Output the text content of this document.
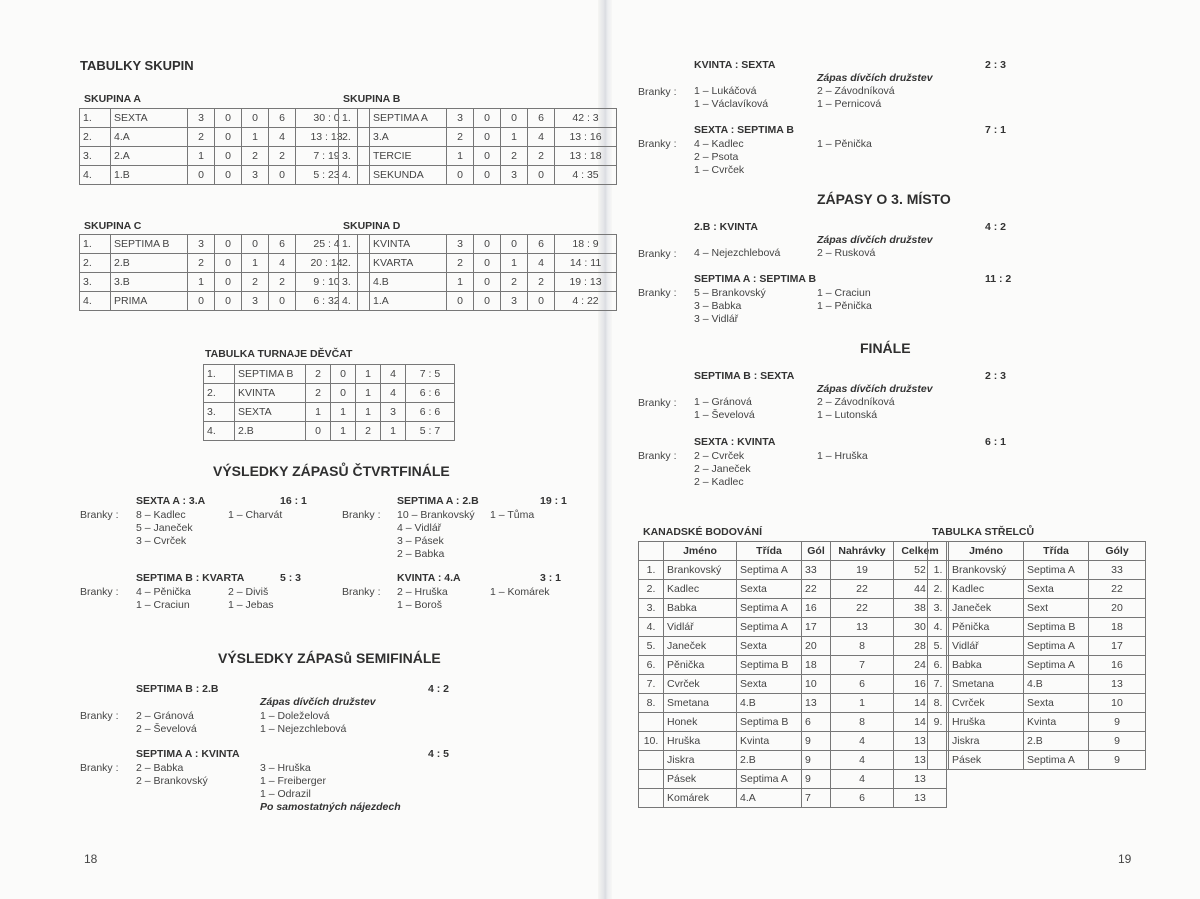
TABULKY SKUPIN
SKUPINA A
1.	SEXTA	3	0	0	6	30 : 0
2.	4.A	2	0	1	4	13 : 13
3.	2.A	1	0	2	2	7 : 19
4.	1.B	0	0	3	0	5 : 23
SKUPINA B
1.	SEPTIMA A	3	0	0	6	42 : 3
2.	3.A	2	0	1	4	13 : 16
3.	TERCIE	1	0	2	2	13 : 18
4.	SEKUNDA	0	0	3	0	4 : 35
SKUPINA C
1.	SEPTIMA B	3	0	0	6	25 : 4
2.	2.B	2	0	1	4	20 : 14
3.	3.B	1	0	2	2	9 : 10
4.	PRIMA	0	0	3	0	6 : 32
SKUPINA D
1.	KVINTA	3	0	0	6	18 : 9
2.	KVARTA	2	0	1	4	14 : 11
3.	4.B	1	0	2	2	19 : 13
4.	1.A	0	0	3	0	4 : 22
TABULKA TURNAJE DĚVČAT
1.	SEPTIMA B	2	0	1	4	7 : 5
2.	KVINTA	2	0	1	4	6 : 6
3.	SEXTA	1	1	1	3	6 : 6
4.	2.B	0	1	2	1	5 : 7
VÝSLEDKY ZÁPASŮ ČTVRTFINÁLE
SEXTA A : 3.A	16 : 1
Branky : 8 – Kadlec
5 – Janeček
3 – Cvrček
1 – Charvát
SEPTIMA A : 2.B	19 : 1
Branky : 10 – Brankovský
4 – Vidlář
3 – Pásek
2 – Babka
1 – Tůma
SEPTIMA B : KVARTA	5 : 3
Branky : 4 – Pěnička
1 – Craciun
2 – Diviš
1 – Jebas
KVINTA : 4.A	3 : 1
Branky : 2 – Hruška
1 – Boroš
1 – Komárek
VÝSLEDKY ZÁPASů SEMIFINÁLE
SEPTIMA B : 2.B	4 : 2
Zápas dívčích družstev
Branky : 2 – Gránová
2 – Ševelová
1 – Doleželová
1 – Nejezchlebová
SEPTIMA A : KVINTA	4 : 5
Branky : 2 – Babka
2 – Brankovský
3 – Hruška
1 – Freiberger
1 – Odrazil
Po samostatných nájezdech
18
KVINTA : SEXTA	2 : 3
Zápas dívčích družstev
Branky : 1 – Lukáčová
1 – Václavíková
2 – Závodníková
1 – Pernicová
SEXTA : SEPTIMA B	7 : 1
Branky : 4 – Kadlec
2 – Psota
1 – Cvrček
1 – Pěnička
ZÁPASY O 3. MÍSTO
2.B : KVINTA	4 : 2
Zápas dívčích družstev
Branky : 4 – Nejezchlebová	2 – Rusková
SEPTIMA A : SEPTIMA B	11 : 2
Branky : 5 – Brankovský
3 – Babka
3 – Vidlář
1 – Craciun
1 – Pěnička
FINÁLE
SEPTIMA B : SEXTA	2 : 3
Zápas dívčích družstev
Branky : 1 – Gránová
1 – Ševelová
2 – Závodníková
1 – Lutonská
SEXTA : KVINTA	6 : 1
Branky : 2 – Cvrček
2 – Janeček
2 – Kadlec
1 – Hruška
KANADSKÉ BODOVÁNÍ
	Jméno	Třída	Gól	Nahrávky	Celkem
1.	Brankovský	Septima A	33	19	52
2.	Kadlec	Sexta	22	22	44
3.	Babka	Septima A	16	22	38
4.	Vidlář	Septima A	17	13	30
5.	Janeček	Sexta	20	8	28
6.	Pěnička	Septima B	18	7	24
7.	Cvrček	Sexta	10	6	16
8.	Smetana	4.B	13	1	14
	Honek	Septima B	6	8	14
10.	Hruška	Kvinta	9	4	13
	Jiskra	2.B	9	4	13
	Pásek	Septima A	9	4	13
	Komárek	4.A	7	6	13
TABULKA STŘELCŮ
	Jméno	Třída	Góly
1.	Brankovský	Septima A	33
2.	Kadlec	Sexta	22
3.	Janeček	Sext	20
4.	Pěnička	Septima B	18
5.	Vidlář	Septima A	17
6.	Babka	Septima A	16
7.	Smetana	4.B	13
8.	Cvrček	Sexta	10
9.	Hruška	Kvinta	9
	Jiskra	2.B	9
	Pásek	Septima A	9
19
